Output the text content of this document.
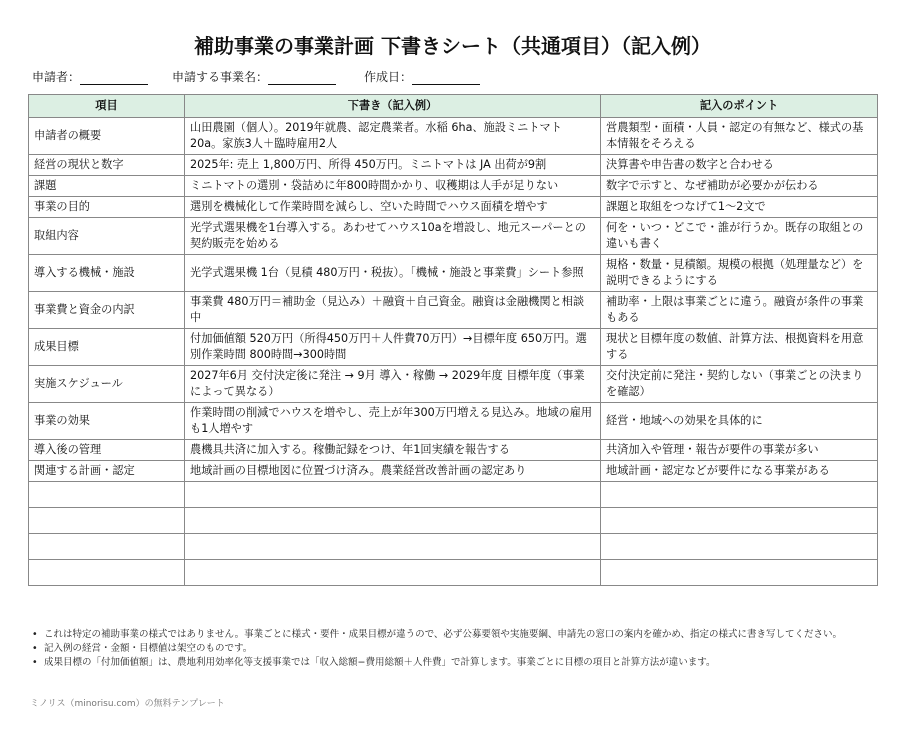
補助事業の事業計画 下書きシート（共通項目）（記入例）
申請者：	申請する事業名：	作成日：
項目	下書き（記入例）	記入のポイント
申請者の概要	山田農園（個人）。2019年就農、認定農業者。水稲 6ha、施設ミニトマト 20a。家族3人＋臨時雇用2人	営農類型・面積・人員・認定の有無など、様式の基本情報をそろえる
経営の現状と数字	2025年: 売上 1,800万円、所得 450万円。ミニトマトは JA 出荷が9割	決算書や申告書の数字と合わせる
課題	ミニトマトの選別・袋詰めに年800時間かかり、収穫期は人手が足りない	数字で示すと、なぜ補助が必要かが伝わる
事業の目的	選別を機械化して作業時間を減らし、空いた時間でハウス面積を増やす	課題と取組をつなげて1〜2文で
取組内容	光学式選果機を1台導入する。あわせてハウス10aを増設し、地元スーパーとの契約販売を始める	何を・いつ・どこで・誰が行うか。既存の取組との違いも書く
導入する機械・施設	光学式選果機 1台（見積 480万円・税抜）。「機械・施設と事業費」シート参照	規格・数量・見積額。規模の根拠（処理量など）を説明できるようにする
事業費と資金の内訳	事業費 480万円＝補助金（見込み）＋融資＋自己資金。融資は金融機関と相談中	補助率・上限は事業ごとに違う。融資が条件の事業もある
成果目標	付加価値額 520万円（所得450万円＋人件費70万円）→目標年度 650万円。選別作業時間 800時間→300時間	現状と目標年度の数値、計算方法、根拠資料を用意する
実施スケジュール	2027年6月 交付決定後に発注 → 9月 導入・稼働 → 2029年度 目標年度（事業によって異なる）	交付決定前に発注・契約しない（事業ごとの決まりを確認）
事業の効果	作業時間の削減でハウスを増やし、売上が年300万円増える見込み。地域の雇用も1人増やす	経営・地域への効果を具体的に
導入後の管理	農機具共済に加入する。稼働記録をつけ、年1回実績を報告する	共済加入や管理・報告が要件の事業が多い
関連する計画・認定	地域計画の目標地図に位置づけ済み。農業経営改善計画の認定あり	地域計画・認定などが要件になる事業がある

• これは特定の補助事業の様式ではありません。事業ごとに様式・要件・成果目標が違うので、必ず公募要領や実施要綱、申請先の窓口の案内を確かめ、指定の様式に書き写してください。
• 記入例の経営・金額・目標値は架空のものです。
• 成果目標の「付加価値額」は、農地利用効率化等支援事業では「収入総額−費用総額＋人件費」で計算します。事業ごとに目標の項目と計算方法が違います。
ミノリス（minorisu.com）の無料テンプレート
